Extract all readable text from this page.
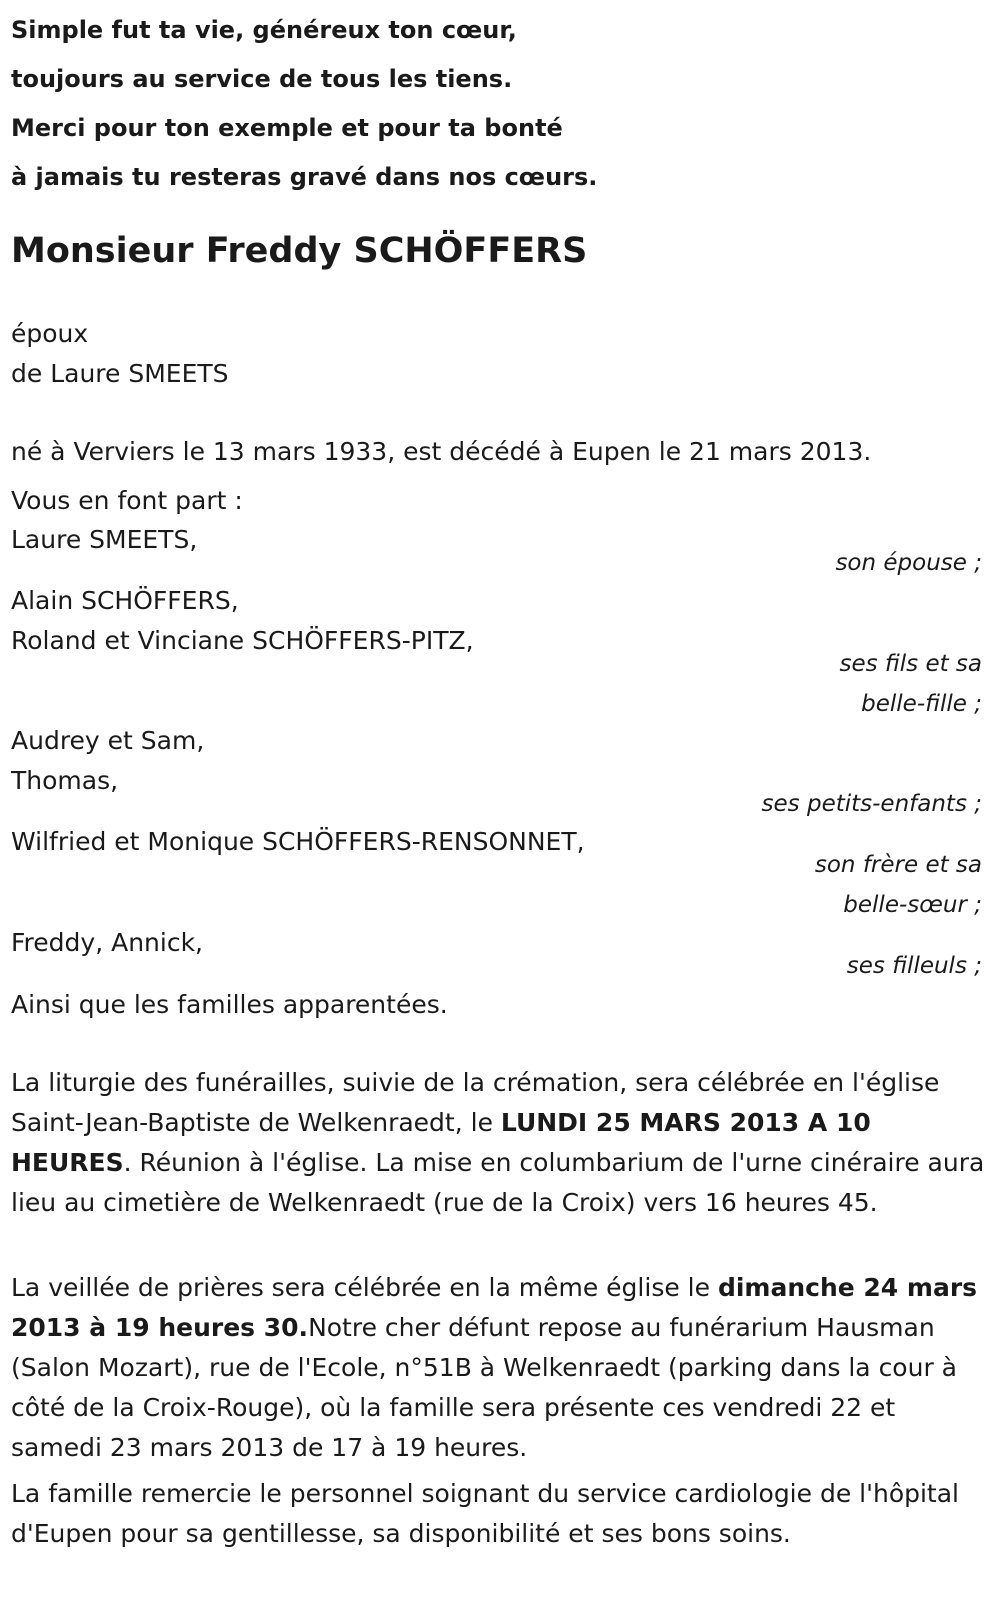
Simple fut ta vie, généreux ton cœur,
toujours au service de tous les tiens.
Merci pour ton exemple et pour ta bonté
à jamais tu resteras gravé dans nos cœurs.
Monsieur Freddy SCHÖFFERS
époux
de Laure SMEETS
né à Verviers le 13 mars 1933, est décédé à Eupen le 21 mars 2013.
Vous en font part :
Laure SMEETS,
son épouse ;
Alain SCHÖFFERS,
Roland et Vinciane SCHÖFFERS-PITZ,
ses fils et sa
belle-fille ;
Audrey et Sam,
Thomas,
ses petits-enfants ;
Wilfried et Monique SCHÖFFERS-RENSONNET,
son frère et sa
belle-sœur ;
Freddy, Annick,
ses filleuls ;
Ainsi que les familles apparentées.
La liturgie des funérailles, suivie de la crémation, sera célébrée en l'église Saint-Jean-Baptiste de Welkenraedt, le LUNDI 25 MARS 2013 A 10 HEURES. Réunion à l'église. La mise en columbarium de l'urne cinéraire aura lieu au cimetière de Welkenraedt (rue de la Croix) vers 16 heures 45.
La veillée de prières sera célébrée en la même église le dimanche 24 mars 2013 à 19 heures 30.Notre cher défunt repose au funérarium Hausman (Salon Mozart), rue de l'Ecole, n°51B à Welkenraedt (parking dans la cour à côté de la Croix-Rouge), où la famille sera présente ces vendredi 22 et samedi 23 mars 2013 de 17 à 19 heures.
La famille remercie le personnel soignant du service cardiologie de l'hôpital d'Eupen pour sa gentillesse, sa disponibilité et ses bons soins.
